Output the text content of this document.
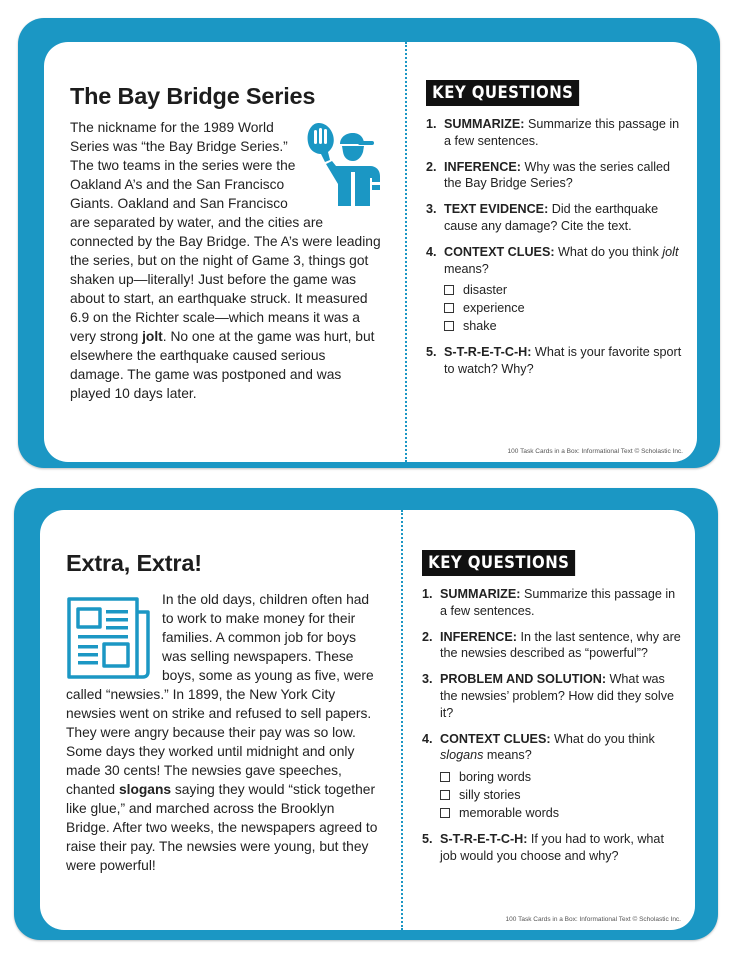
The Bay Bridge Series

The nickname for the 1989 World Series was “the Bay Bridge Series.” The two teams in the series were the Oakland A’s and the San Francisco Giants. Oakland and San Francisco are separated by water, and the cities are connected by the Bay Bridge. The A’s were leading the series, but on the night of Game 3, things got shaken up—literally! Just before the game was about to start, an earthquake struck. It measured 6.9 on the Richter scale—which means it was a very strong jolt. No one at the game was hurt, but elsewhere the earthquake caused serious damage. The game was postponed and was played 10 days later.

KEY QUESTIONS
1. SUMMARIZE: Summarize this passage in a few sentences.
2. INFERENCE: Why was the series called the Bay Bridge Series?
3. TEXT EVIDENCE: Did the earthquake cause any damage? Cite the text.
4. CONTEXT CLUES: What do you think jolt means?
disaster
experience
shake
5. S-T-R-E-T-C-H: What is your favorite sport to watch? Why?
100 Task Cards in a Box: Informational Text © Scholastic Inc.
Extra, Extra!

In the old days, children often had to work to make money for their families. A common job for boys was selling newspapers. These boys, some as young as five, were called “newsies.” In 1899, the New York City newsies went on strike and refused to sell papers. They were angry because their pay was so low. Some days they worked until midnight and only made 30 cents! The newsies gave speeches, chanted slogans saying they would “stick together like glue,” and marched across the Brooklyn Bridge. After two weeks, the newspapers agreed to raise their pay. The newsies were young, but they were powerful!

KEY QUESTIONS
1. SUMMARIZE: Summarize this passage in a few sentences.
2. INFERENCE: In the last sentence, why are the newsies described as “powerful”?
3. PROBLEM AND SOLUTION: What was the newsies’ problem? How did they solve it?
4. CONTEXT CLUES: What do you think slogans means?
boring words
silly stories
memorable words
5. S-T-R-E-T-C-H: If you had to work, what job would you choose and why?
100 Task Cards in a Box: Informational Text © Scholastic Inc.
